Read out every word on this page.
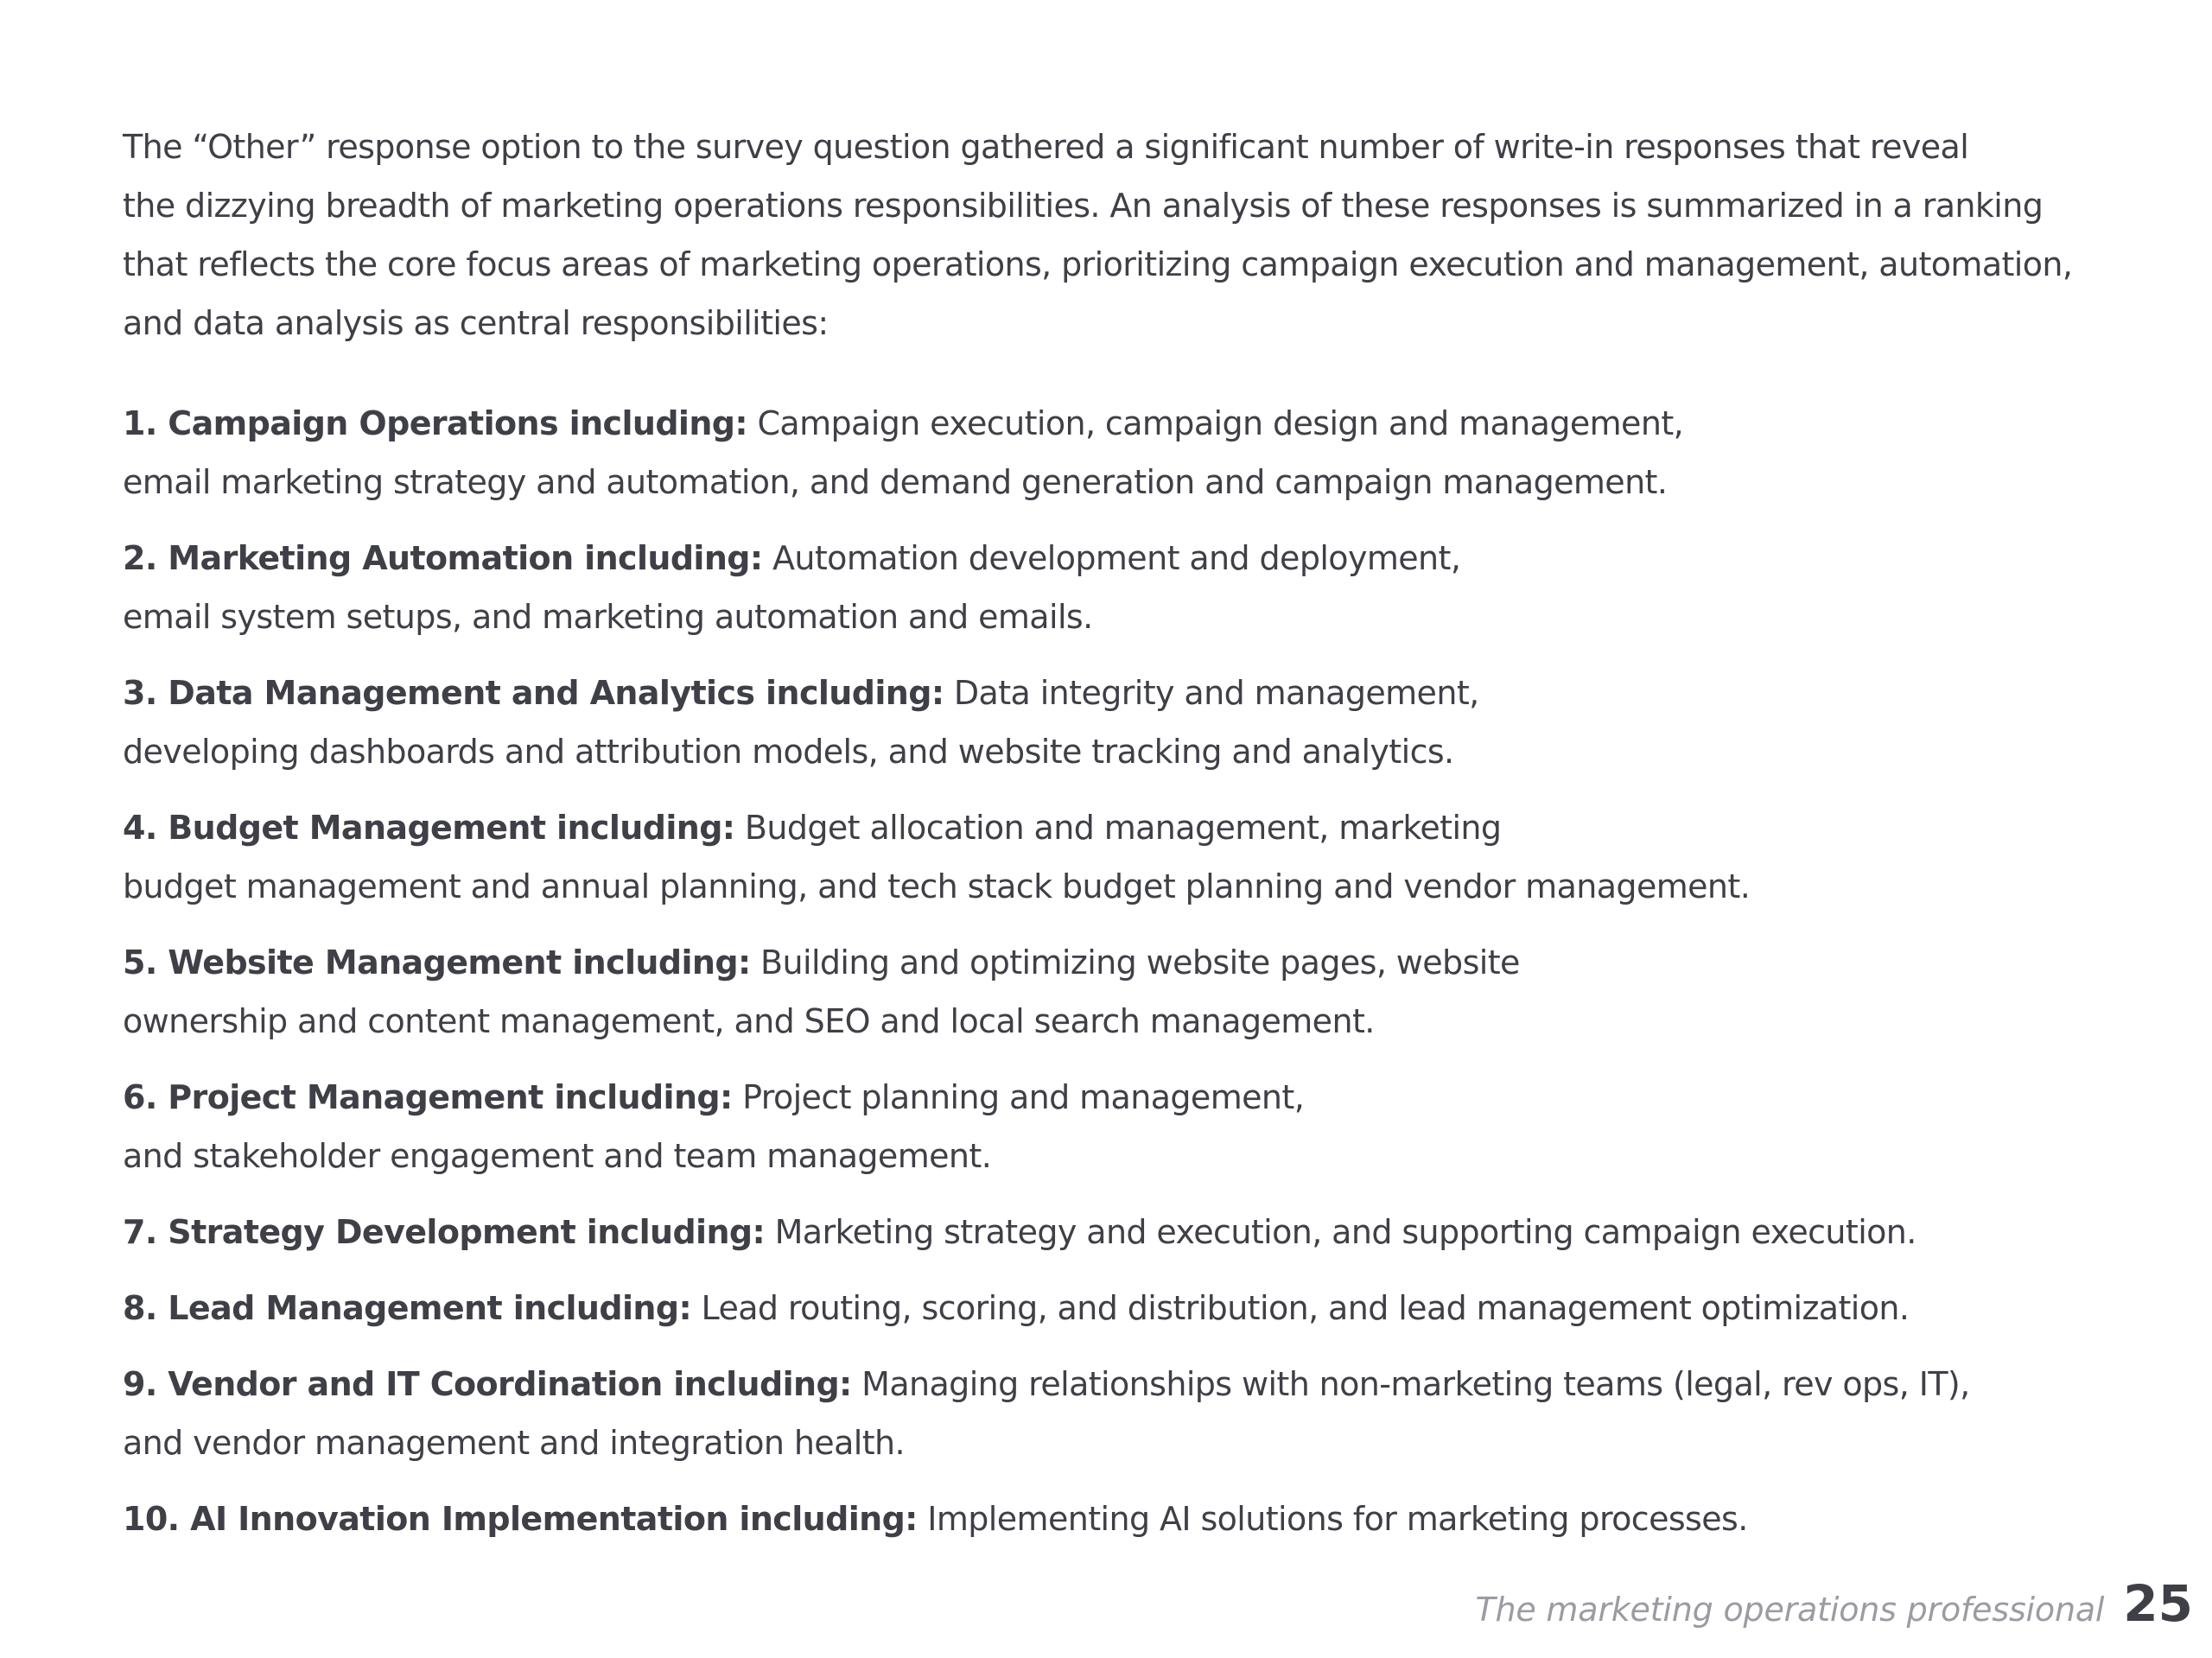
The “Other” response option to the survey question gathered a significant number of write-in responses that reveal
the dizzying breadth of marketing operations responsibilities. An analysis of these responses is summarized in a ranking
that reflects the core focus areas of marketing operations, prioritizing campaign execution and management, automation,
and data analysis as central responsibilities:

1. Campaign Operations including: Campaign execution, campaign design and management,
email marketing strategy and automation, and demand generation and campaign management.
2. Marketing Automation including: Automation development and deployment,
email system setups, and marketing automation and emails.
3. Data Management and Analytics including: Data integrity and management,
developing dashboards and attribution models, and website tracking and analytics.
4. Budget Management including: Budget allocation and management, marketing
budget management and annual planning, and tech stack budget planning and vendor management.
5. Website Management including: Building and optimizing website pages, website
ownership and content management, and SEO and local search management.
6. Project Management including: Project planning and management,
and stakeholder engagement and team management.
7. Strategy Development including: Marketing strategy and execution, and supporting campaign execution.
8. Lead Management including: Lead routing, scoring, and distribution, and lead management optimization.
9. Vendor and IT Coordination including: Managing relationships with non-marketing teams (legal, rev ops, IT),
and vendor management and integration health.
10. AI Innovation Implementation including: Implementing AI solutions for marketing processes.
The marketing operations professional 25
